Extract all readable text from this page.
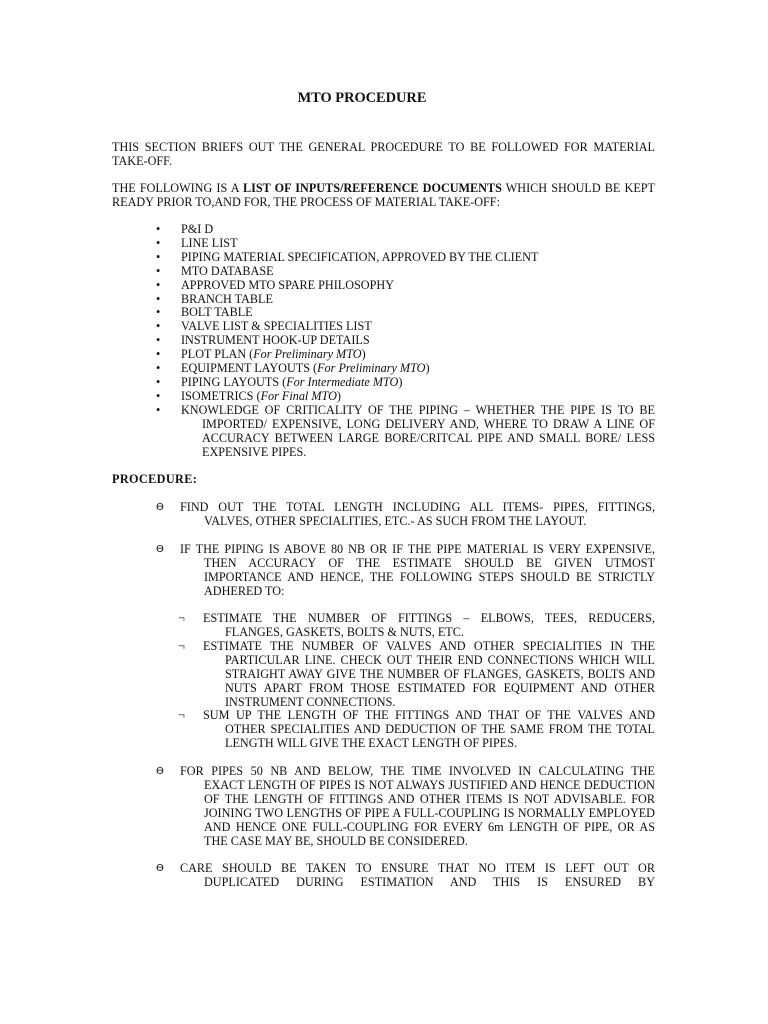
MTO PROCEDURE
THIS SECTION BRIEFS OUT THE GENERAL PROCEDURE TO BE FOLLOWED FOR MATERIAL TAKE-OFF.
THE FOLLOWING IS A LIST OF INPUTS/REFERENCE DOCUMENTS WHICH SHOULD BE KEPT READY PRIOR TO,AND FOR, THE PROCESS OF MATERIAL TAKE-OFF:
•	P&I D
•	LINE LIST
•	PIPING MATERIAL SPECIFICATION, APPROVED BY THE CLIENT
•	MTO DATABASE
•	APPROVED MTO SPARE PHILOSOPHY
•	BRANCH TABLE
•	BOLT TABLE
•	VALVE LIST & SPECIALITIES LIST
•	INSTRUMENT HOOK-UP DETAILS
•	PLOT PLAN (For Preliminary MTO)
•	EQUIPMENT LAYOUTS (For Preliminary MTO)
•	PIPING LAYOUTS (For Intermediate MTO)
•	ISOMETRICS (For Final MTO)
•	KNOWLEDGE OF CRITICALITY OF THE PIPING – WHETHER THE PIPE IS TO BE
IMPORTED/ EXPENSIVE, LONG DELIVERY AND, WHERE TO DRAW A LINE OF ACCURACY BETWEEN LARGE BORE/CRITCAL PIPE AND SMALL BORE/ LESS EXPENSIVE PIPES.
PROCEDURE:
ϴ	FIND OUT THE TOTAL LENGTH INCLUDING ALL ITEMS- PIPES, FITTINGS,
VALVES, OTHER SPECIALITIES, ETC.- AS SUCH FROM THE LAYOUT.
ϴ	IF THE PIPING IS ABOVE 80 NB OR IF THE PIPE MATERIAL IS VERY EXPENSIVE,
THEN ACCURACY OF THE ESTIMATE SHOULD BE GIVEN UTMOST IMPORTANCE AND HENCE, THE FOLLOWING STEPS SHOULD BE STRICTLY ADHERED TO:
¬	ESTIMATE THE NUMBER OF FITTINGS – ELBOWS, TEES, REDUCERS,
FLANGES, GASKETS, BOLTS & NUTS, ETC.
¬	ESTIMATE THE NUMBER OF VALVES AND OTHER SPECIALITIES IN THE
PARTICULAR LINE. CHECK OUT THEIR END CONNECTIONS WHICH WILL STRAIGHT AWAY GIVE THE NUMBER OF FLANGES, GASKETS, BOLTS AND NUTS APART FROM THOSE ESTIMATED FOR EQUIPMENT AND OTHER INSTRUMENT CONNECTIONS.
¬	SUM UP THE LENGTH OF THE FITTINGS AND THAT OF THE VALVES AND
OTHER SPECIALITIES AND DEDUCTION OF THE SAME FROM THE TOTAL LENGTH WILL GIVE THE EXACT LENGTH OF PIPES.
ϴ	FOR PIPES 50 NB AND BELOW, THE TIME INVOLVED IN CALCULATING THE
EXACT LENGTH OF PIPES IS NOT ALWAYS JUSTIFIED AND HENCE DEDUCTION OF THE LENGTH OF FITTINGS AND OTHER ITEMS IS NOT ADVISABLE. FOR JOINING TWO LENGTHS OF PIPE A FULL-COUPLING IS NORMALLY EMPLOYED AND HENCE ONE FULL-COUPLING FOR EVERY 6m LENGTH OF PIPE, OR AS THE CASE MAY BE, SHOULD BE CONSIDERED.
ϴ	CARE SHOULD BE TAKEN TO ENSURE THAT NO ITEM IS LEFT OUT OR
DUPLICATED DURING ESTIMATION AND THIS IS ENSURED BY
